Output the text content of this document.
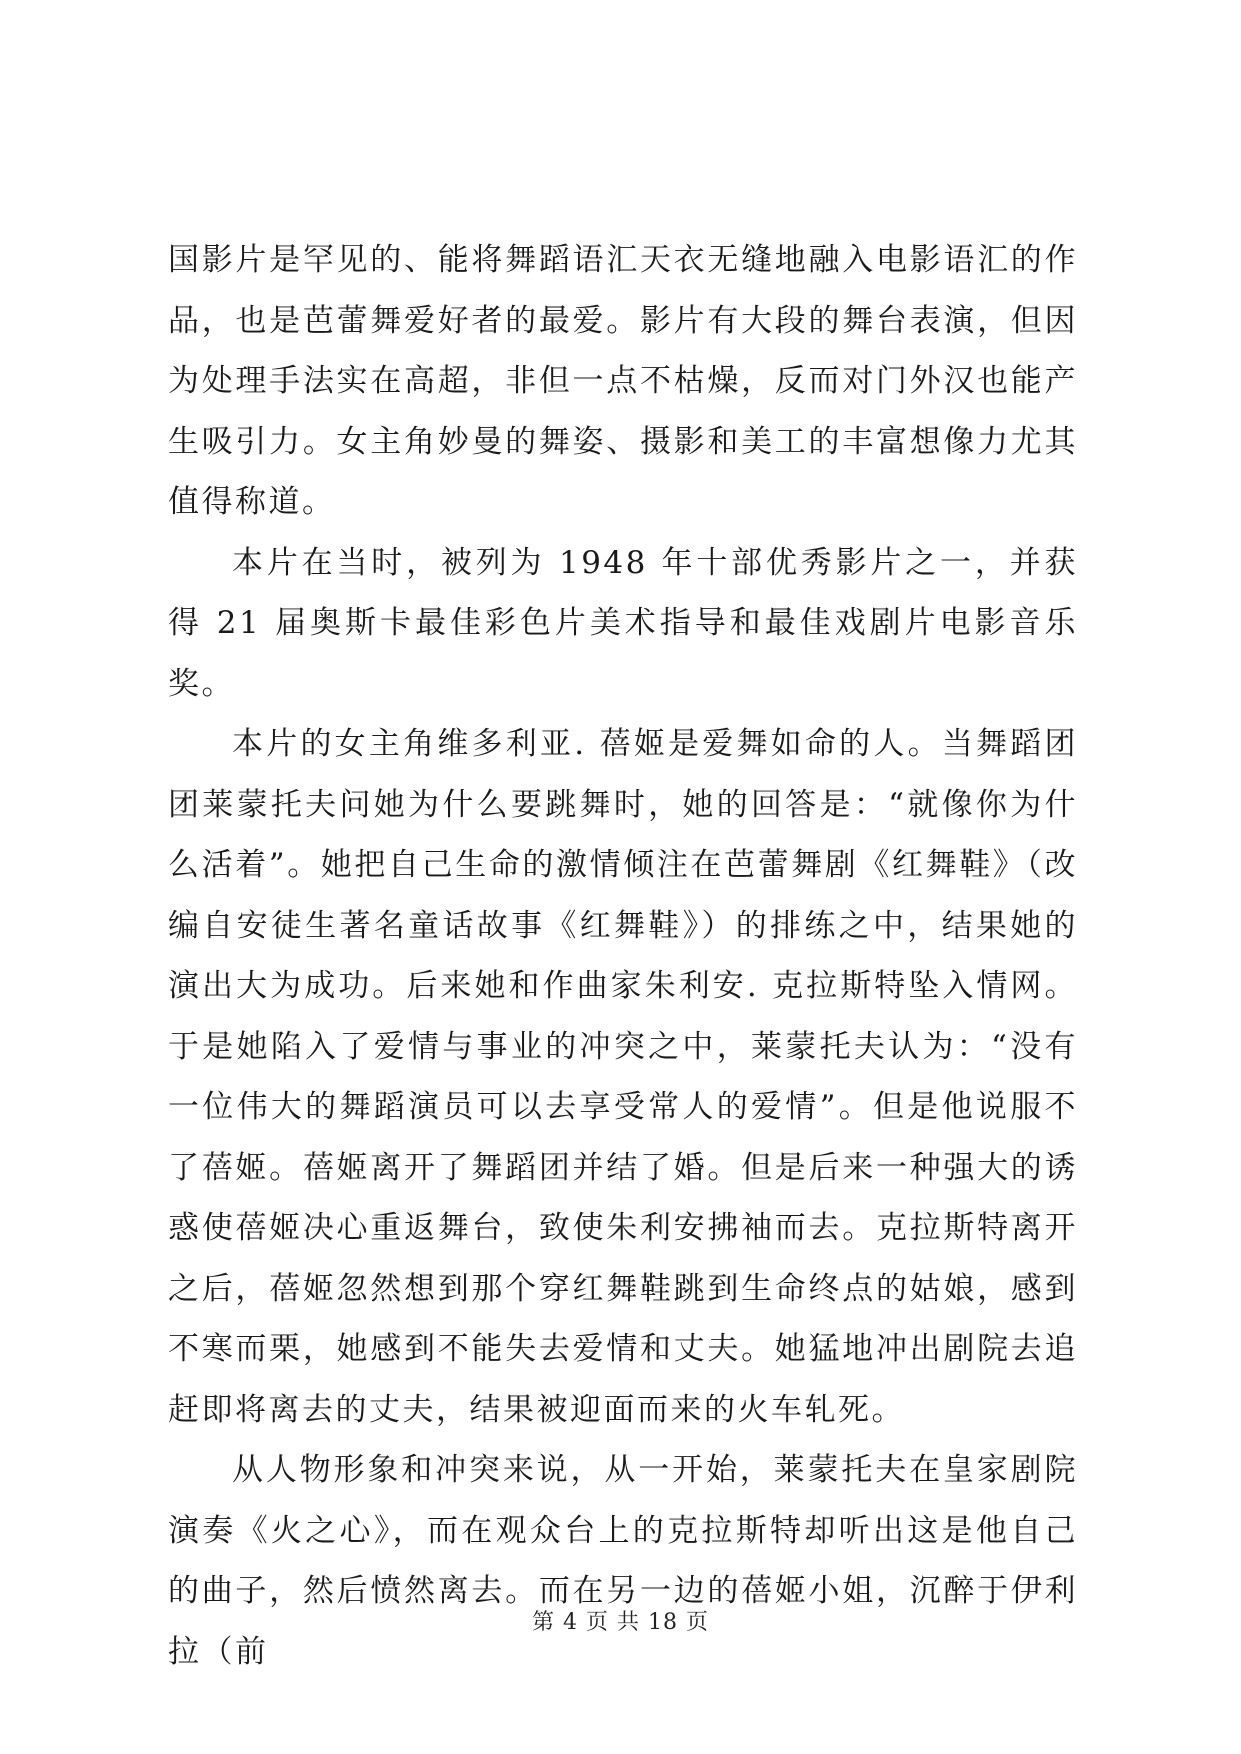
国影片是罕见的、能将舞蹈语汇天衣无缝地融入电影语汇的作品，也是芭蕾舞爱好者的最爱。影片有大段的舞台表演，但因为处理手法实在高超，非但一点不枯燥，反而对门外汉也能产生吸引力。女主角妙曼的舞姿、摄影和美工的丰富想像力尤其值得称道。

本片在当时，被列为 1948 年十部优秀影片之一，并获得 21 届奥斯卡最佳彩色片美术指导和最佳戏剧片电影音乐奖。

本片的女主角维多利亚. 蓓姬是爱舞如命的人。当舞蹈团团莱蒙托夫问她为什么要跳舞时，她的回答是：“就像你为什么活着”。她把自己生命的激情倾注在芭蕾舞剧《红舞鞋》（改编自安徒生著名童话故事《红舞鞋》）的排练之中，结果她的演出大为成功。后来她和作曲家朱利安. 克拉斯特坠入情网。于是她陷入了爱情与事业的冲突之中，莱蒙托夫认为：“没有一位伟大的舞蹈演员可以去享受常人的爱情”。但是他说服不了蓓姬。蓓姬离开了舞蹈团并结了婚。但是后来一种强大的诱惑使蓓姬决心重返舞台，致使朱利安拂袖而去。克拉斯特离开之后，蓓姬忽然想到那个穿红舞鞋跳到生命终点的姑娘，感到不寒而栗，她感到不能失去爱情和丈夫。她猛地冲出剧院去追赶即将离去的丈夫，结果被迎面而来的火车轧死。

从人物形象和冲突来说，从一开始，莱蒙托夫在皇家剧院演奏《火之心》，而在观众台上的克拉斯特却听出这是他自己的曲子，然后愤然离去。而在另一边的蓓姬小姐，沉醉于伊利拉（前

第 4 页 共 18 页
